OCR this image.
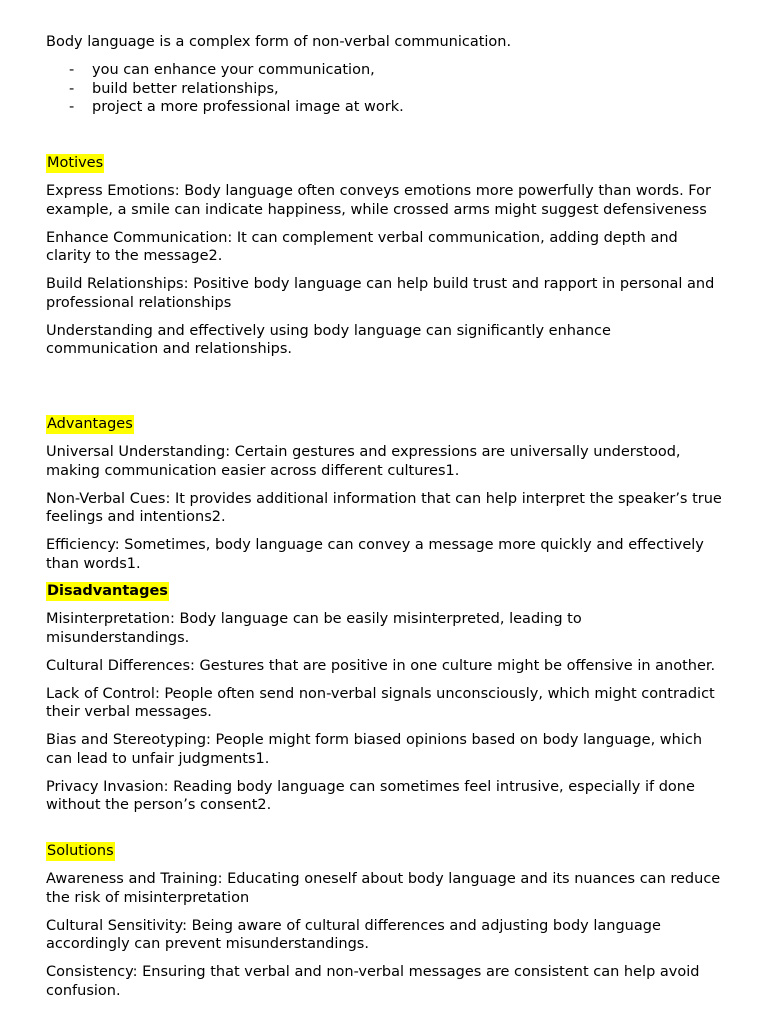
Body language is a complex form of non-verbal communication.

- you can enhance your communication,
- build better relationships,
- project a more professional image at work.
Motives

Express Emotions: Body language often conveys emotions more powerfully than words. For example, a smile can indicate happiness, while crossed arms might suggest defensiveness

Enhance Communication: It can complement verbal communication, adding depth and clarity to the message2.

Build Relationships: Positive body language can help build trust and rapport in personal and professional relationships

Understanding and effectively using body language can significantly enhance communication and relationships.

Advantages

Universal Understanding: Certain gestures and expressions are universally understood, making communication easier across different cultures1.

Non-Verbal Cues: It provides additional information that can help interpret the speaker’s true feelings and intentions2.

Efficiency: Sometimes, body language can convey a message more quickly and effectively than words1.

Disadvantages

Misinterpretation: Body language can be easily misinterpreted, leading to misunderstandings.

Cultural Differences: Gestures that are positive in one culture might be offensive in another.

Lack of Control: People often send non-verbal signals unconsciously, which might contradict their verbal messages.

Bias and Stereotyping: People might form biased opinions based on body language, which can lead to unfair judgments1.

Privacy Invasion: Reading body language can sometimes feel intrusive, especially if done without the person’s consent2.

Solutions

Awareness and Training: Educating oneself about body language and its nuances can reduce the risk of misinterpretation

Cultural Sensitivity: Being aware of cultural differences and adjusting body language accordingly can prevent misunderstandings.

Consistency: Ensuring that verbal and non-verbal messages are consistent can help avoid confusion.
